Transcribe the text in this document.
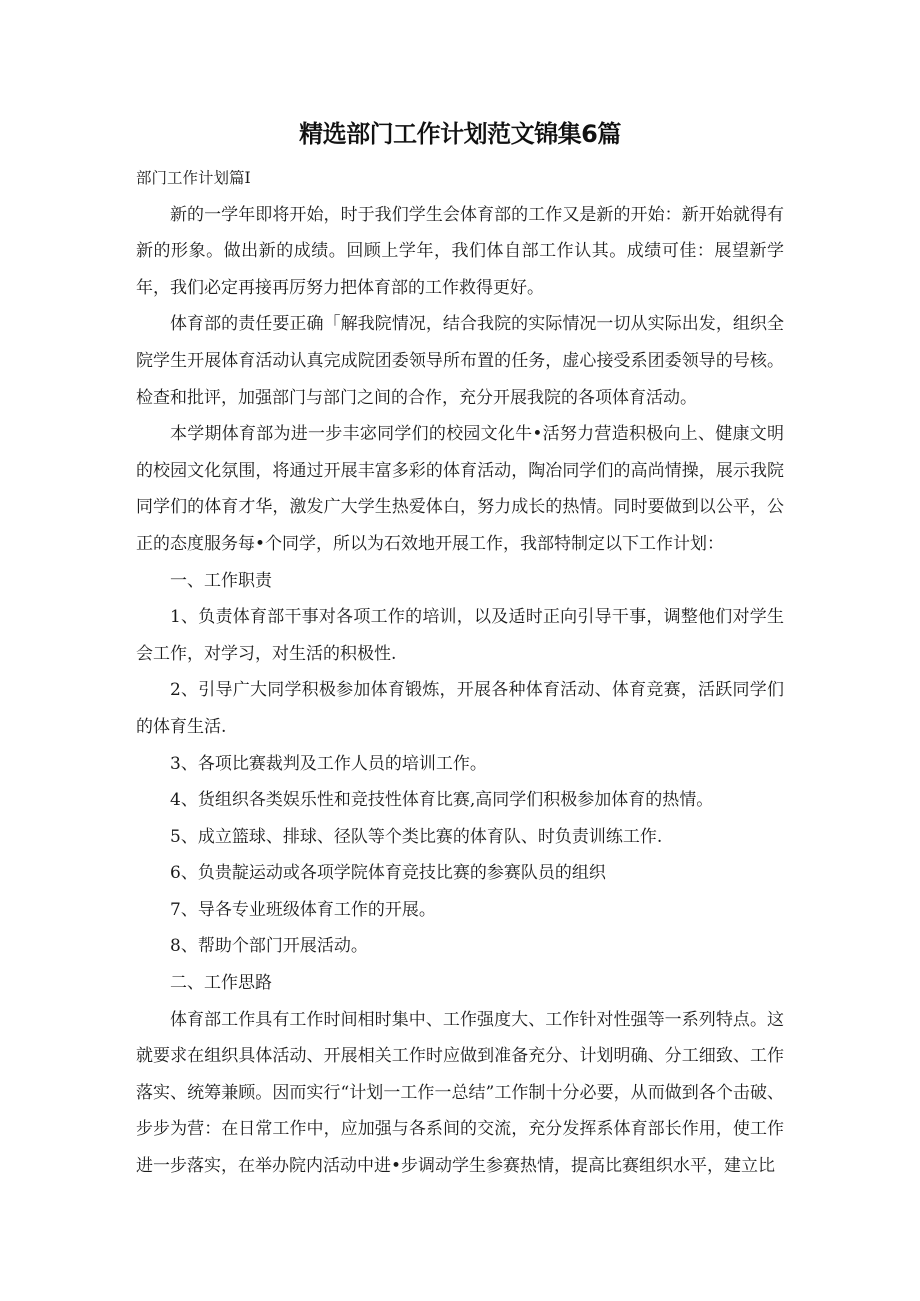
精选部门工作计划范文锦集6篇

部门工作计划篇I

新的一学年即将开始，时于我们学生会体育部的工作又是新的开始：新开始就得有新的形象。做出新的成绩。回顾上学年，我们体自部工作认其。成绩可佳：展望新学年，我们必定再接再厉努力把体育部的工作救得更好。

体育部的责任要正确「解我院情况，结合我院的实际情况一切从实际出发，组织全院学生开展体育活动认真完成院团委领导所布置的任务，虚心接受系团委领导的号核。检查和批评，加强部门与部门之间的合作，充分开展我院的各项体育活动。

本学期体育部为进一步丰宓同学们的校园文化牛•活努力营造积极向上、健康文明的校园文化氛围，将通过开展丰富多彩的体育活动，陶冶同学们的高尚情操，展示我院同学们的体育才华，激发广大学生热爱体白，努力成长的热情。同时要做到以公平，公正的态度服务每•个同学，所以为石效地开展工作，我部特制定以下工作计划：

一、工作职责

1、负责体育部干事对各项工作的培训，以及适时正向引导干事，调整他们对学生会工作，对学习，对生活的积极性.

2、引导广大同学积极参加体育锻炼，开展各种体育活动、体育竞赛，活跃同学们的体育生活.

3、各项比赛裁判及工作人员的培训工作。

4、货组织各类娱乐性和竞技性体育比赛,高同学们积极参加体育的热情。

5、成立篮球、排球、径队等个类比赛的体育队、时负责训练工作.

6、负贵靛运动或各项学院体育竞技比赛的参赛队员的组织

7、导各专业班级体育工作的开展。

8、帮助个部门开展活动。

二、工作思路

体育部工作具有工作时间相时集中、工作强度大、工作针对性强等一系列特点。这就要求在组织具体活动、开展相关工作时应做到准备充分、计划明确、分工细致、工作落实、统筹兼顾。因而实行“计划一工作一总结”工作制十分必要，从而做到各个击破、步步为营：在日常工作中，应加强与各系间的交流，充分发挥系体育部长作用，使工作进一步落实，在举办院内活动中进•步调动学生参赛热情，提高比赛组织水平，建立比
